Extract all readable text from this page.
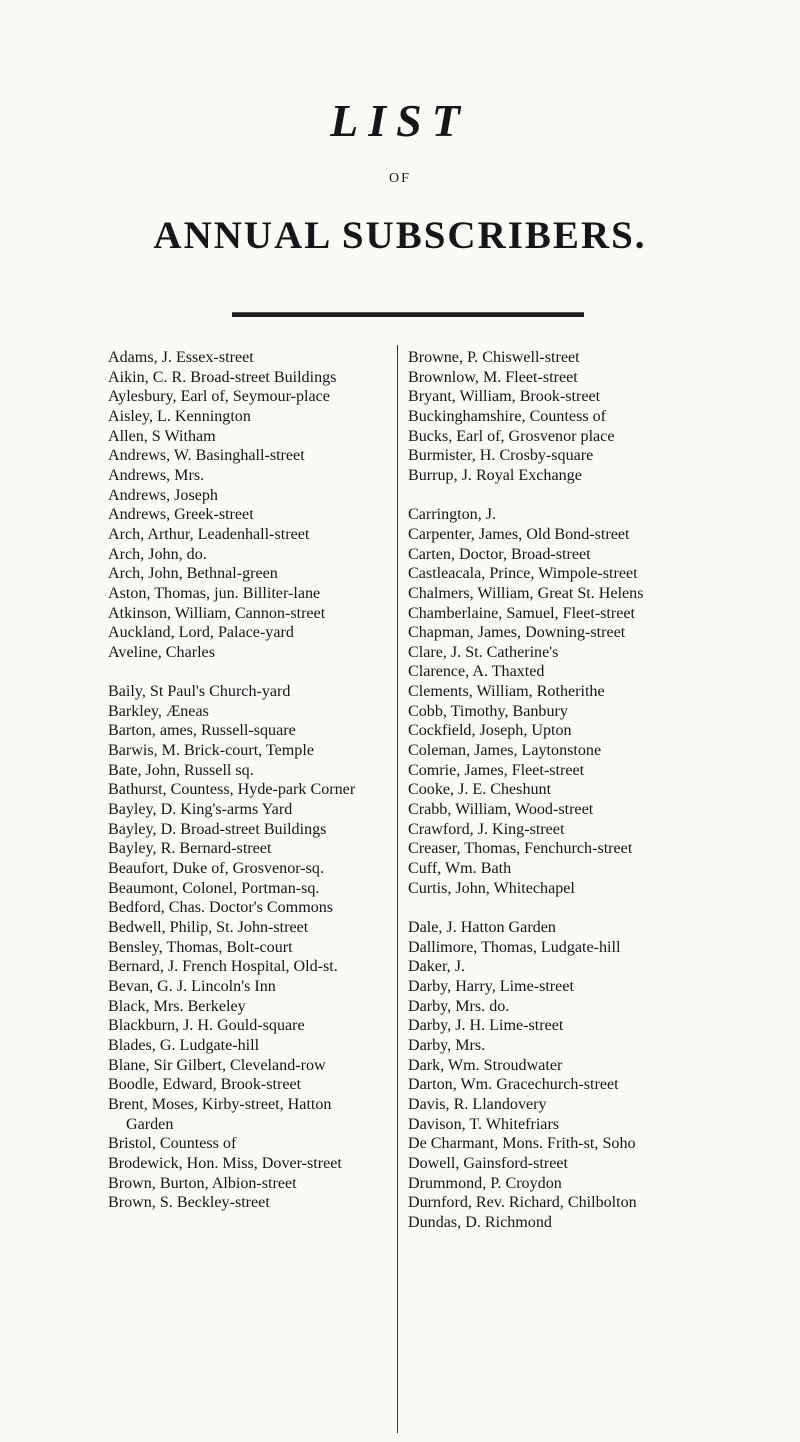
LIST
OF
ANNUAL SUBSCRIBERS.
Adams, J. Essex-street
Aikin, C. R. Broad-street Buildings
Aylesbury, Earl of, Seymour-place
Aisley, L. Kennington
Allen, S Witham
Andrews, W. Basinghall-street
Andrews, Mrs.
Andrews, Joseph
Andrews, Greek-street
Arch, Arthur, Leadenhall-street
Arch, John, do.
Arch, John, Bethnal-green
Aston, Thomas, jun. Billiter-lane
Atkinson, William, Cannon-street
Auckland, Lord, Palace-yard
Aveline, Charles
Baily, St Paul's Church-yard
Barkley, Æneas
Barton, ames, Russell-square
Barwis, M. Brick-court, Temple
Bate, John, Russell sq.
Bathurst, Countess, Hyde-park Corner
Bayley, D. King's-arms Yard
Bayley, D. Broad-street Buildings
Bayley, R. Bernard-street
Beaufort, Duke of, Grosvenor-sq.
Beaumont, Colonel, Portman-sq.
Bedford, Chas. Doctor's Commons
Bedwell, Philip, St. John-street
Bensley, Thomas, Bolt-court
Bernard, J. French Hospital, Old-st.
Bevan, G. J. Lincoln's Inn
Black, Mrs. Berkeley
Blackburn, J. H. Gould-square
Blades, G. Ludgate-hill
Blane, Sir Gilbert, Cleveland-row
Boodle, Edward, Brook-street
Brent, Moses, Kirby-street, Hatton Garden
Bristol, Countess of
Brodewick, Hon. Miss, Dover-street
Brown, Burton, Albion-street
Brown, S. Beckley-street
Browne, P. Chiswell-street
Brownlow, M. Fleet-street
Bryant, William, Brook-street
Buckinghamshire, Countess of
Bucks, Earl of, Grosvenor place
Burmister, H. Crosby-square
Burrup, J. Royal Exchange
Carrington, J.
Carpenter, James, Old Bond-street
Carten, Doctor, Broad-street
Castleacala, Prince, Wimpole-street
Chalmers, William, Great St. Helens
Chamberlaine, Samuel, Fleet-street
Chapman, James, Downing-street
Clare, J. St. Catherine's
Clarence, A. Thaxted
Clements, William, Rotherithe
Cobb, Timothy, Banbury
Cockfield, Joseph, Upton
Coleman, James, Laytonstone
Comrie, James, Fleet-street
Cooke, J. E. Cheshunt
Crabb, William, Wood-street
Crawford, J. King-street
Creaser, Thomas, Fenchurch-street
Cuff, Wm. Bath
Curtis, John, Whitechapel
Dale, J. Hatton Garden
Dallimore, Thomas, Ludgate-hill
Daker, J.
Darby, Harry, Lime-street
Darby, Mrs. do.
Darby, J. H. Lime-street
Darby, Mrs.
Dark, Wm. Stroudwater
Darton, Wm. Gracechurch-street
Davis, R. Llandovery
Davison, T. Whitefriars
De Charmant, Mons. Frith-st, Soho
Dowell, Gainsford-street
Drummond, P. Croydon
Durnford, Rev. Richard, Chilbolton
Dundas, D. Richmond
